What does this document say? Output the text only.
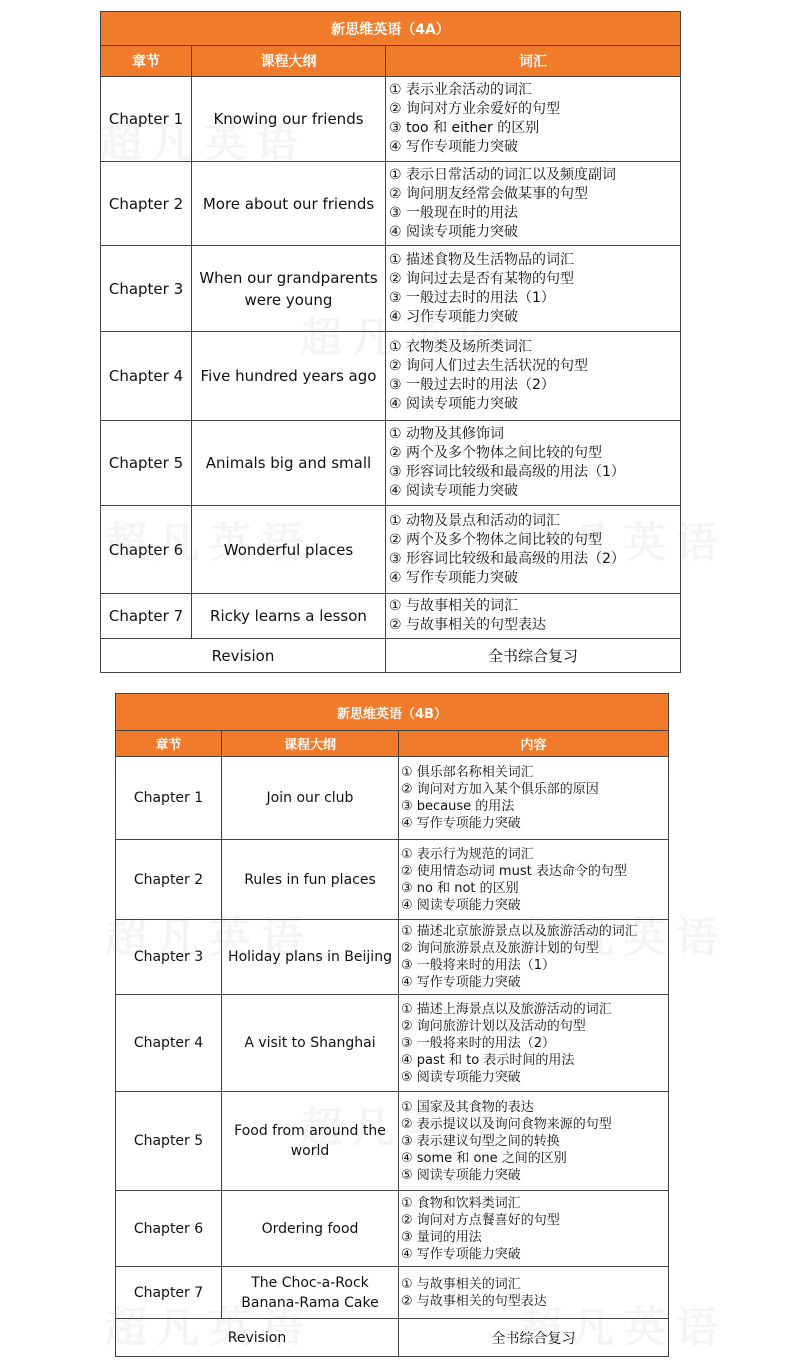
新思维英语（4A）		
章节	课程大纲	词汇
Chapter 1	Knowing our friends	① 表示业余活动的词汇
② 询问对方业余爱好的句型
③ too 和 either 的区别
④ 写作专项能力突破

Chapter 2	More about our friends	① 表示日常活动的词汇以及频度副词
② 询问朋友经常会做某事的句型
③ 一般现在时的用法
④ 阅读专项能力突破

Chapter 3	When our grandparents were young	① 描述食物及生活物品的词汇
② 询问过去是否有某物的句型
③ 一般过去时的用法（1）
④ 习作专项能力突破

Chapter 4	Five hundred years ago	① 衣物类及场所类词汇
② 询问人们过去生活状况的句型
③ 一般过去时的用法（2）
④ 阅读专项能力突破

Chapter 5	Animals big and small	① 动物及其修饰词
② 两个及多个物体之间比较的句型
③ 形容词比较级和最高级的用法（1）
④ 阅读专项能力突破

Chapter 6	Wonderful places	① 动物及景点和活动的词汇
② 两个及多个物体之间比较的句型
③ 形容词比较级和最高级的用法（2）
④ 写作专项能力突破

Chapter 7	Ricky learns a lesson	① 与故事相关的词汇
② 与故事相关的句型表达

Revision		全书综合复习
新思维英语（4B）		
章节	课程大纲	内容
Chapter 1	Join our club	① 俱乐部名称相关词汇
② 询问对方加入某个俱乐部的原因
③ because 的用法
④ 写作专项能力突破

Chapter 2	Rules in fun places	① 表示行为规范的词汇
② 使用情态动词 must 表达命令的句型
③ no 和 not 的区别
④ 阅读专项能力突破

Chapter 3	Holiday plans in Beijing	① 描述北京旅游景点以及旅游活动的词汇
② 询问旅游景点及旅游计划的句型
③ 一般将来时的用法（1）
④ 写作专项能力突破

Chapter 4	A visit to Shanghai	① 描述上海景点以及旅游活动的词汇
② 询问旅游计划以及活动的句型
③ 一般将来时的用法（2）
④ past 和 to 表示时间的用法
⑤ 阅读专项能力突破

Chapter 5	Food from around the world	① 国家及其食物的表达
② 表示提议以及询问食物来源的句型
③ 表示建议句型之间的转换
④ some 和 one 之间的区别
⑤ 阅读专项能力突破

Chapter 6	Ordering food	① 食物和饮料类词汇
② 询问对方点餐喜好的句型
③ 量词的用法
④ 写作专项能力突破

Chapter 7	The Choc-a-Rock Banana-Rama Cake	① 与故事相关的词汇
② 与故事相关的句型表达

Revision		全书综合复习
